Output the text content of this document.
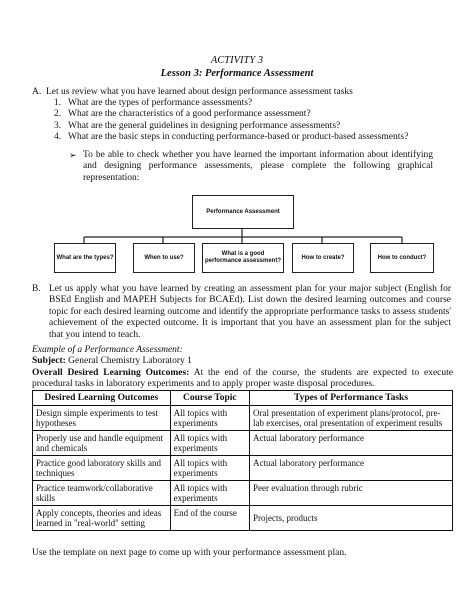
ACTIVITY 3
Lesson 3: Performance Assessment
A. Let us review what you have learned about design performance assessment tasks
1. What are the types of performance assessments?
2. What are the characteristics of a good performance assessment?
3. What are the general guidelines in designing performance assessments?
4. What are the basic steps in conducting performance-based or product-based assessments?
➢ To be able to check whether you have learned the important information about identifying and designing performance assessments, please complete the following graphical representation:
Performance Assessment
What are the types?	When to use?
What is a good performance assessment?
How to create?	How to conduct?
B. Let us apply what you have learned by creating an assessment plan for your major subject (English for BSEd English and MAPEH Subjects for BCAEd). List down the desired learning outcomes and course topic for each desired learning outcome and identify the appropriate performance tasks to assess students' achievement of the expected outcome. It is important that you have an assessment plan for the subject that you intend to teach.
Example of a Performance Assessment:
Subject: General Chemistry Laboratory 1
Overall Desired Learning Outcomes: At the end of the course, the students are expected to execute procedural tasks in laboratory experiments and to apply proper waste disposal procedures.
Desired Learning Outcomes	Course Topic	Types of Performance Tasks
Design simple experiments to test hypotheses	All topics with experiments	Oral presentation of experiment plans/protocol, pre-lab exercises, oral presentation of experiment results
Properly use and handle equipment and chemicals	All topics with experiments	Actual laboratory performance
Practice good laboratory skills and techniques	All topics with experiments	Actual laboratory performance
Practice teamwork/collaborative skills	All topics with experiments	Peer evaluation through rubric
Apply concepts, theories and ideas learned in "real-world" setting	End of the course	Projects, products
Use the template on next page to come up with your performance assessment plan.
